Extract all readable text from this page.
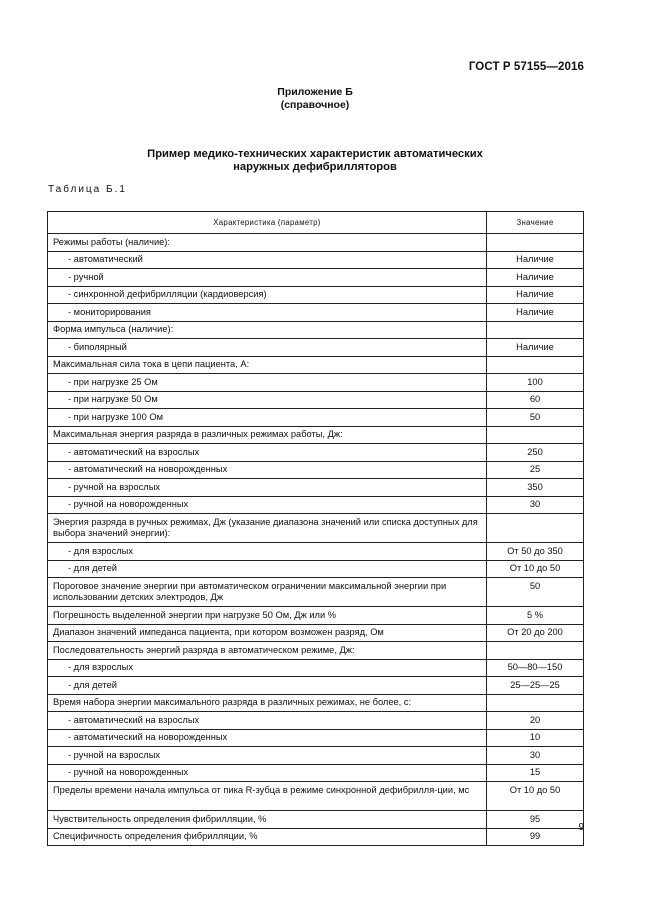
ГОСТ Р 57155—2016
Приложение Б
(справочное)
Пример медико-технических характеристик автоматических
наружных дефибрилляторов
Таблица Б.1
Характеристика (параметр)	Значение
Режимы работы (наличие):	
- автоматический	Наличие
- ручной	Наличие
- синхронной дефибрилляции (кардиоверсия)	Наличие
- мониторирования	Наличие
Форма импульса (наличие):	
- биполярный	Наличие
Максимальная сила тока в цепи пациента, А:	
- при нагрузке 25 Ом	100
- при нагрузке 50 Ом	60
- при нагрузке 100 Ом	50
Максимальная энергия разряда в различных режимах работы, Дж:	
- автоматический на взрослых	250
- автоматический на новорожденных	25
- ручной на взрослых	350
- ручной на новорожденных	30
Энергия разряда в ручных режимах, Дж (указание диапазона значений или списка доступных для выбора значений энергии):	
- для взрослых	От 50 до 350
- для детей	От 10 до 50
Пороговое значение энергии при автоматическом ограничении максимальной энергии при использовании детских электродов, Дж	50
Погрешность выделенной энергии при нагрузке 50 Ом, Дж или %	5 %
Диапазон значений импеданса пациента, при котором возможен разряд, Ом	От 20 до 200
Последовательность энергий разряда в автоматическом режиме, Дж:	
- для взрослых	50—80—150
- для детей	25—25—25
Время набора энергии максимального разряда в различных режимах, не более, с:	
- автоматический на взрослых	20
- автоматический на новорожденных	10
- ручной на взрослых	30
- ручной на новорожденных	15
Пределы времени начала импульса от пика R-зубца в режиме синхронной дефибрилля-ции, мс	От 10 до 50
Чувствительность определения фибрилляции, %	95
Специфичность определения фибрилляции, %	99
9
